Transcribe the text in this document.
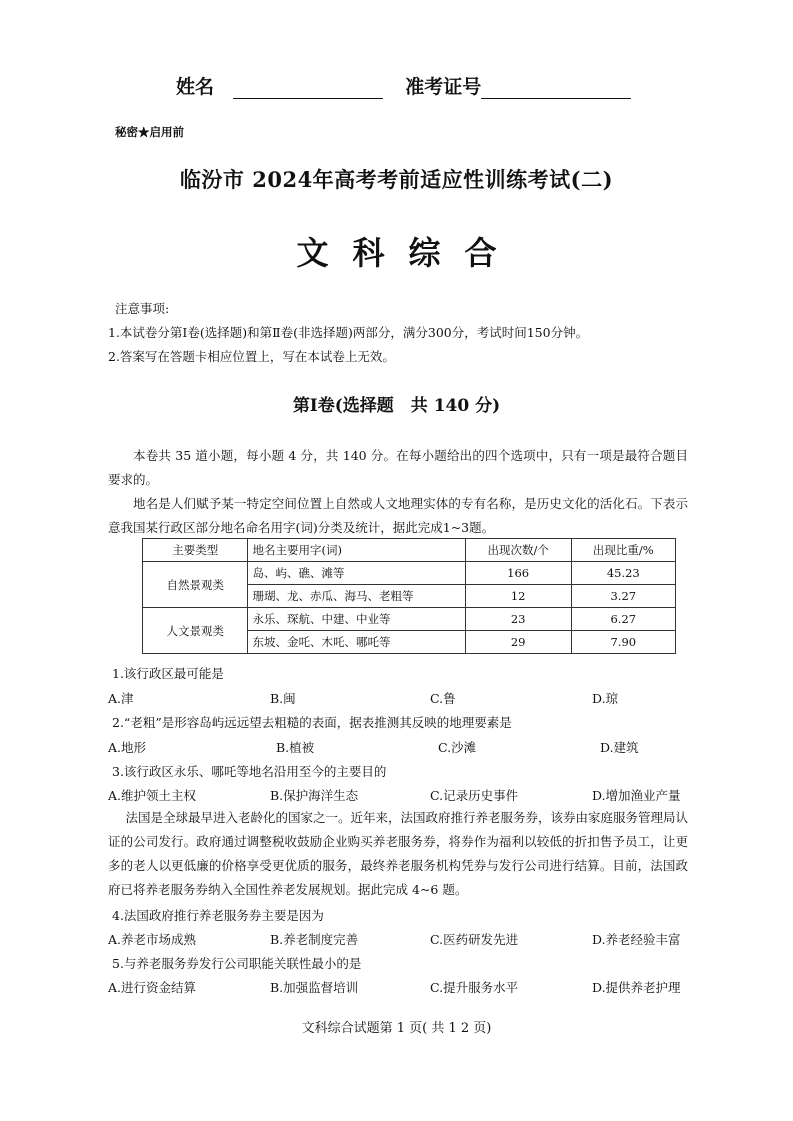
姓名	准考证号
秘密★启用前
临汾市 2024年高考考前适应性训练考试(二)
文科综合
注意事项:
1.本试卷分第Ⅰ卷(选择题)和第Ⅱ卷(非选择题)两部分，满分300分，考试时间150分钟。
2.答案写在答题卡相应位置上，写在本试卷上无效。
第Ⅰ卷(选择题　共 140 分)
本卷共 35 道小题，每小题 4 分，共 140 分。在每小题给出的四个选项中，只有一项是最符合题目要求的。
地名是人们赋予某一特定空间位置上自然或人文地理实体的专有名称，是历史文化的活化石。下表示意我国某行政区部分地名命名用字(词)分类及统计，据此完成1~3题。
主要类型	地名主要用字(词)	出现次数/个	出现比重/%
自然景观类	岛、屿、礁、滩等	166	45.23
	珊瑚、龙、赤瓜、海马、老粗等	12	3.27
人文景观类	永乐、琛航、中建、中业等	23	6.27
	东坡、金吒、木吒、哪吒等	29	7.90
1.该行政区最可能是
A.津	B.闽	C.鲁	D.琼
2.“老粗”是形容岛屿远远望去粗糙的表面，据表推测其反映的地理要素是
A.地形	B.植被	C.沙滩	D.建筑
3.该行政区永乐、哪吒等地名沿用至今的主要目的
A.维护领土主权	B.保护海洋生态	C.记录历史事件	D.增加渔业产量
法国是全球最早进入老龄化的国家之一。近年来，法国政府推行养老服务券，该券由家庭服务管理局认证的公司发行。政府通过调整税收鼓励企业购买养老服务券，将券作为福利以较低的折扣售予员工，让更多的老人以更低廉的价格享受更优质的服务，最终养老服务机构凭券与发行公司进行结算。目前，法国政府已将养老服务券纳入全国性养老发展规划。据此完成 4~6 题。
4.法国政府推行养老服务券主要是因为
A.养老市场成熟	B.养老制度完善	C.医药研发先进	D.养老经验丰富
5.与养老服务券发行公司职能关联性最小的是
A.进行资金结算	B.加强监督培训	C.提升服务水平	D.提供养老护理
文科综合试题第 1 页( 共 1 2 页)
